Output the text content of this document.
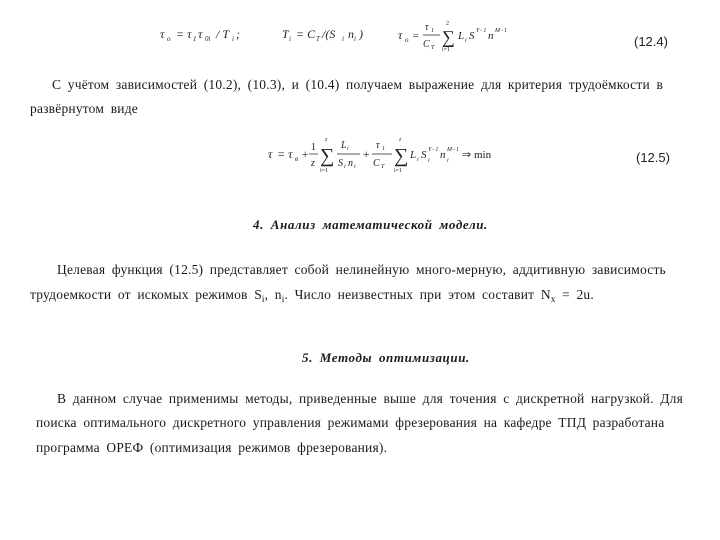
τ o = τ 1 τ 0i / T i ;	T i = C T /(S i n i )	τ o =
τ 1
C T
2
∑
i=1
L i S Y−1 n M−1
(12.4)
С учётом зависимостей (10.2), (10.3), и (10.4) получаем выражение для критерия трудоёмкости в
развёрнутом виде
τ = τ в + 1
z
z
∑
i=1
L i
S i n i
+
τ 1
C T
z
∑
i=1
L i S Y−1
i n M−1
i ⇒ min	(12.5)
4. Анализ математической модели.
Целевая функция (12.5) представляет собой нелинейную много-мерную, аддитивную зависимость
трудоемкости от искомых режимов $S_i$, $n_i$. Число неизвестных при этом составит $N_x = 2u$.
5. Методы оптимизации.
В данном случае применимы методы, приведенные выше для точения с дискретной нагрузкой. Для
поиска оптимального дискретного управления режимами фрезерования на кафедре ТПД разработана
программа ОРЕФ (оптимизация режимов фрезерования).
